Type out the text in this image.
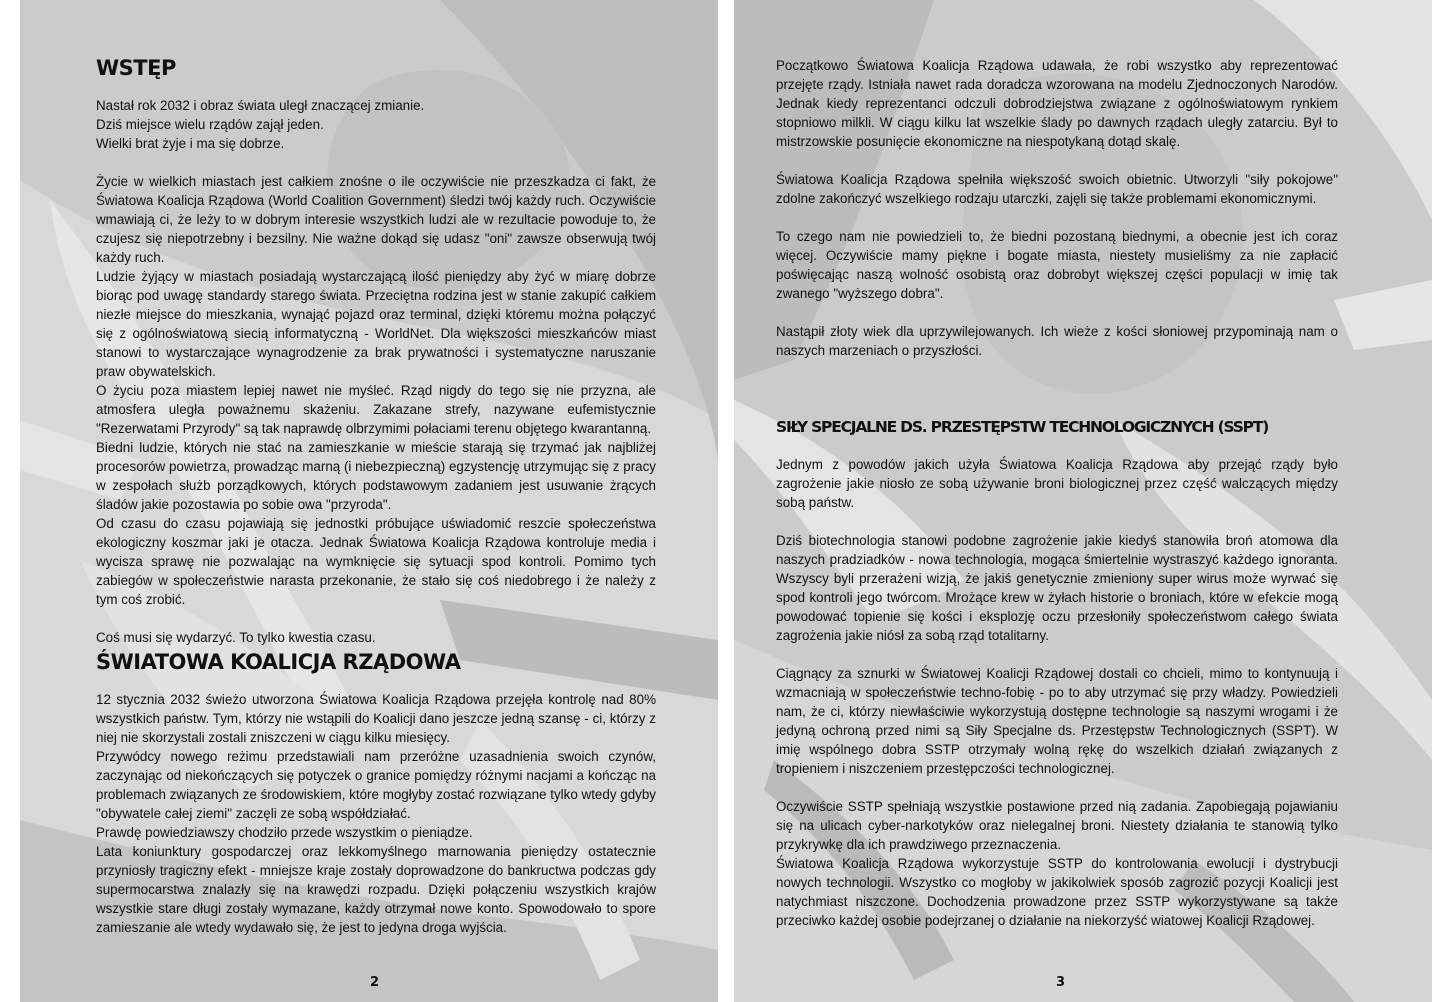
WSTĘP

Nastał rok 2032 i obraz świata uległ znaczącej zmianie.
Dziś miejsce wielu rządów zajął jeden.
Wielki brat żyje i ma się dobrze.

Życie w wielkich miastach jest całkiem znośne o ile oczywiście nie przeszkadza ci fakt, że Światowa Koalicja Rządowa (World Coalition Government) śledzi twój każdy ruch. Oczywiście wmawiają ci, że leży to w dobrym interesie wszystkich ludzi ale w rezultacie powoduje to, że czujesz się niepotrzebny i bezsilny. Nie ważne dokąd się udasz "oni" zawsze obserwują twój każdy ruch.

Ludzie żyjący w miastach posiadają wystarczającą ilość pieniędzy aby żyć w miarę dobrze biorąc pod uwagę standardy starego świata. Przeciętna rodzina jest w stanie zakupić całkiem niezłe miejsce do mieszkania, wynająć pojazd oraz terminal, dzięki któremu można połączyć się z ogólnoświatową siecią informatyczną - WorldNet. Dla większości mieszkańców miast stanowi to wystarczające wynagrodzenie za brak prywatności i systematyczne naruszanie praw obywatelskich.

O życiu poza miastem lepiej nawet nie myśleć. Rząd nigdy do tego się nie przyzna, ale atmosfera uległa poważnemu skażeniu. Zakazane strefy, nazywane eufemistycznie "Rezerwatami Przyrody" są tak naprawdę olbrzymimi połaciami terenu objętego kwarantanną.

Biedni ludzie, których nie stać na zamieszkanie w mieście starają się trzymać jak najbliżej procesorów powietrza, prowadząc marną (i niebezpieczną) egzystencję utrzymując się z pracy w zespołach służb porządkowych, których podstawowym zadaniem jest usuwanie żrących śladów jakie pozostawia po sobie owa "przyroda".

Od czasu do czasu pojawiają się jednostki próbujące uświadomić reszcie społeczeństwa ekologiczny koszmar jaki je otacza. Jednak Światowa Koalicja Rządowa kontroluje media i wycisza sprawę nie pozwalając na wymknięcie się sytuacji spod kontroli. Pomimo tych zabiegów w społeczeństwie narasta przekonanie, że stało się coś niedobrego i że należy z tym coś zrobić.

Coś musi się wydarzyć. To tylko kwestia czasu.

ŚWIATOWA KOALICJA RZĄDOWA

12 stycznia 2032 świeżo utworzona Światowa Koalicja Rządowa przejęła kontrolę nad 80% wszystkich państw. Tym, którzy nie wstąpili do Koalicji dano jeszcze jedną szansę - ci, którzy z niej nie skorzystali zostali zniszczeni w ciągu kilku miesięcy.

Przywódcy nowego reżimu przedstawiali nam przeróżne uzasadnienia swoich czynów, zaczynając od niekończących się potyczek o granice pomiędzy różnymi nacjami a kończąc na problemach związanych ze środowiskiem, które mogłyby zostać rozwiązane tylko wtedy gdyby "obywatele całej ziemi" zaczęli ze sobą współdziałać.

Prawdę powiedziawszy chodziło przede wszystkim o pieniądze.

Lata koniunktury gospodarczej oraz lekkomyślnego marnowania pieniędzy ostatecznie przyniosły tragiczny efekt - mniejsze kraje zostały doprowadzone do bankructwa podczas gdy supermocarstwa znalazły się na krawędzi rozpadu. Dzięki połączeniu wszystkich krajów wszystkie stare długi zostały wymazane, każdy otrzymał nowe konto. Spowodowało to spore zamieszanie ale wtedy wydawało się, że jest to jedyna droga wyjścia.

2

Początkowo Światowa Koalicja Rządowa udawała, że robi wszystko aby reprezentować przejęte rządy. Istniała nawet rada doradcza wzorowana na modelu Zjednoczonych Narodów. Jednak kiedy reprezentanci odczuli dobrodziejstwa związane z ogólnoświatowym rynkiem stopniowo milkli. W ciągu kilku lat wszelkie ślady po dawnych rządach uległy zatarciu. Był to mistrzowskie posunięcie ekonomiczne na niespotykaną dotąd skalę.

Światowa Koalicja Rządowa spełniła większość swoich obietnic. Utworzyli "siły pokojowe" zdolne zakończyć wszelkiego rodzaju utarczki, zajęli się także problemami ekonomicznymi.

To czego nam nie powiedzieli to, że biedni pozostaną biednymi, a obecnie jest ich coraz więcej. Oczywiście mamy piękne i bogate miasta, niestety musieliśmy za nie zapłacić poświęcając naszą wolność osobistą oraz dobrobyt większej części populacji w imię tak zwanego "wyższego dobra".

Nastąpił złoty wiek dla uprzywilejowanych. Ich wieże z kości słoniowej przypominają nam o naszych marzeniach o przyszłości.

SIŁY SPECJALNE DS. PRZESTĘPSTW TECHNOLOGICZNYCH (SSPT)

Jednym z powodów jakich użyła Światowa Koalicja Rządowa aby przejąć rządy było zagrożenie jakie niosło ze sobą używanie broni biologicznej przez część walczących między sobą państw.

Dziś biotechnologia stanowi podobne zagrożenie jakie kiedyś stanowiła broń atomowa dla naszych pradziadków - nowa technologia, mogąca śmiertelnie wystraszyć każdego ignoranta. Wszyscy byli przerażeni wizją, że jakiś genetycznie zmieniony super wirus może wyrwać się spod kontroli jego twórcom. Mrożące krew w żyłach historie o broniach, które w efekcie mogą powodować topienie się kości i eksplozję oczu przesłoniły społeczeństwom całego świata zagrożenia jakie niósł za sobą rząd totalitarny.

Ciągnący za sznurki w Światowej Koalicji Rządowej dostali co chcieli, mimo to kontynuują i wzmacniają w społeczeństwie techno-fobię - po to aby utrzymać się przy władzy. Powiedzieli nam, że ci, którzy niewłaściwie wykorzystują dostępne technologie są naszymi wrogami i że jedyną ochroną przed nimi są Siły Specjalne ds. Przestępstw Technologicznych (SSPT). W imię wspólnego dobra SSTP otrzymały wolną rękę do wszelkich działań związanych z tropieniem i niszczeniem przestępczości technologicznej.

Oczywiście SSTP spełniają wszystkie postawione przed nią zadania. Zapobiegają pojawianiu się na ulicach cyber-narkotyków oraz nielegalnej broni. Niestety działania te stanowią tylko przykrywkę dla ich prawdziwego przeznaczenia.

Światowa Koalicja Rządowa wykorzystuje SSTP do kontrolowania ewolucji i dystrybucji nowych technologii. Wszystko co mogłoby w jakikolwiek sposób zagrozić pozycji Koalicji jest natychmiast niszczone. Dochodzenia prowadzone przez SSTP wykorzystywane są także przeciwko każdej osobie podejrzanej o działanie na niekorzyść wiatowej Koalicji Rządowej.

3
